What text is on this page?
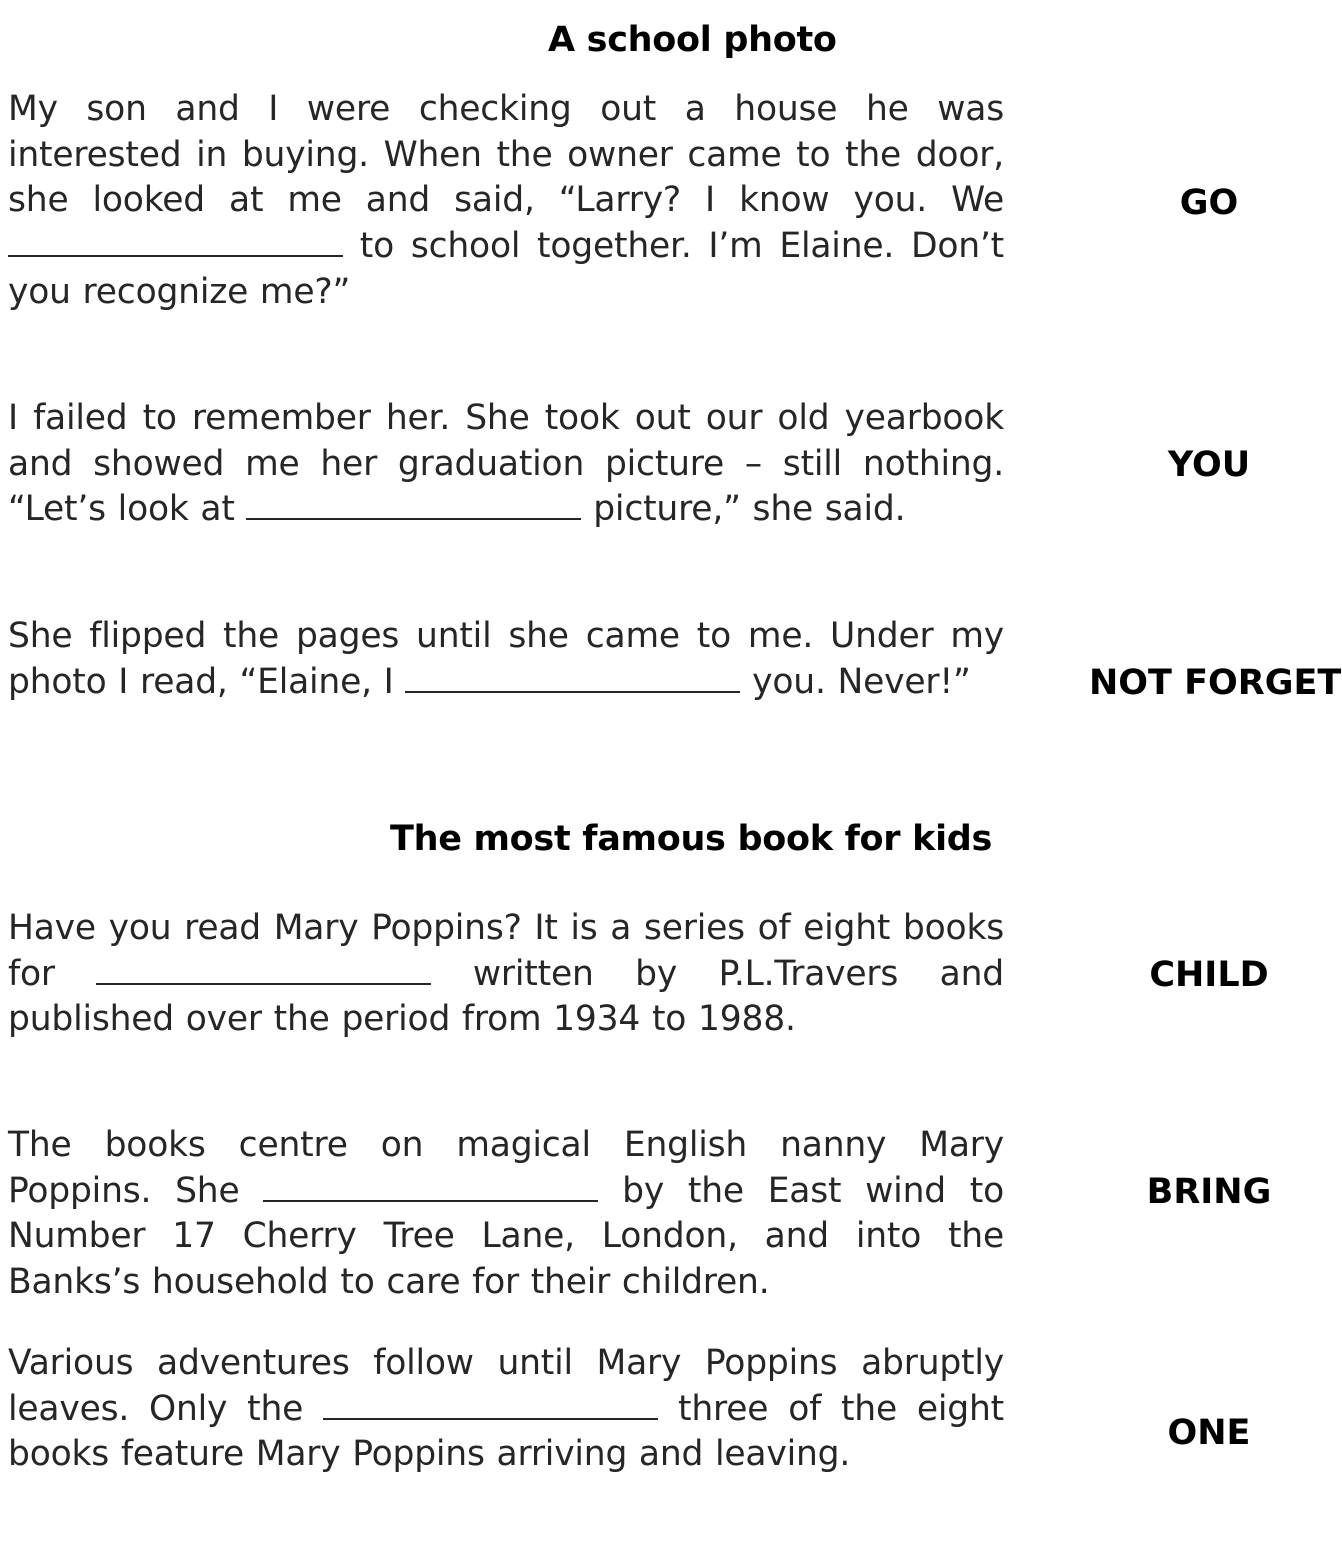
A school photo
My son and I were checking out a house he was interested in buying. When the owner came to the door, she looked at me and said, “Larry? I know you. We  to school together. I’m Elaine. Don’t you recognize me?”
GO
I failed to remember her. She took out our old yearbook and showed me her graduation picture – still nothing. “Let’s look at	picture,” she said.
YOU
She flipped the pages until she came to me. Under my photo I read, “Elaine, I	you. Never!”	NOT FORGET
The most famous book for kids
Have you read Mary Poppins? It is a series of eight books for	written by P.L.Travers and published over the period from 1934 to 1988.
CHILD
The books centre on magical English nanny Mary Poppins. She	by the East wind to Number 17 Cherry Tree Lane, London, and into the Banks’s household to care for their children.
BRING
Various adventures follow until Mary Poppins abruptly leaves. Only the	three of the eight books feature Mary Poppins arriving and leaving.
ONE
